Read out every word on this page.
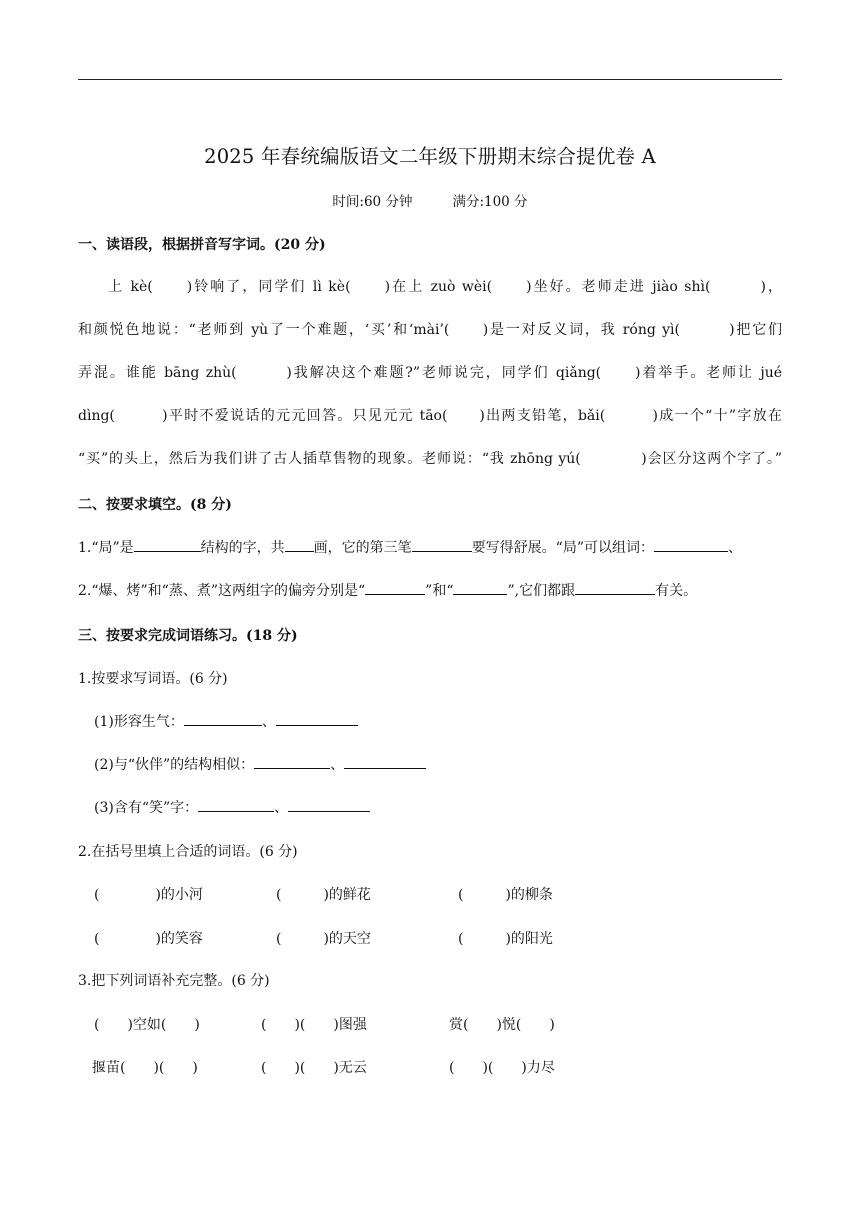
2025 年春统编版语文二年级下册期末综合提优卷 A
时间:60 分钟	满分:100 分
一、读语段，根据拼音写字词。(20 分)
上 kè(　　)铃响了，同学们 lì kè(　　)在上 zuò wèi(　　)坐好。老师走进 jiào shì(　　　)，
和颜悦色地说：“老师到 yù了一个难题，‘买’和‘mài’(　　)是一对反义词，我 róng yì(　　　)把它们
弄混。谁能 bāng zhù(　　　)我解决这个难题?”老师说完，同学们 qiǎng(　　)着举手。老师让 jué
dìng(　　　)平时不爱说话的元元回答。只见元元 tāo(　　)出两支铅笔，bǎi(　　　)成一个“十”字放在
“买”的头上，然后为我们讲了古人插草售物的现象。老师说：“我 zhōng yú(　　　　)会区分这两个字了。”
二、按要求填空。(8 分)
1.“局”是	结构的字，共 画，它的第三笔	要写得舒展。“局”可以组词：	、
2.“爆、烤”和“蒸、煮”这两组字的偏旁分别是“	”和“	”,它们都跟	有关。
三、按要求完成词语练习。(18 分)
1.按要求写词语。(6 分)
(1)形容生气：	、
(2)与“伙伴”的结构相似：	、
(3)含有“笑”字：	、
2.在括号里填上合适的词语。(6 分)
(　　　　)的小河	(　　　)的鲜花	(　　　)的柳条
(　　　　)的笑容	(　　　)的天空	(　　　)的阳光
3.把下列词语补充完整。(6 分)
(　　)空如(　　)	(　　)(　　)图强	赏(　　)悦(　　)
揠苗(　　)(　　)	(　　)(　　)无云	(　　)(　　)力尽
